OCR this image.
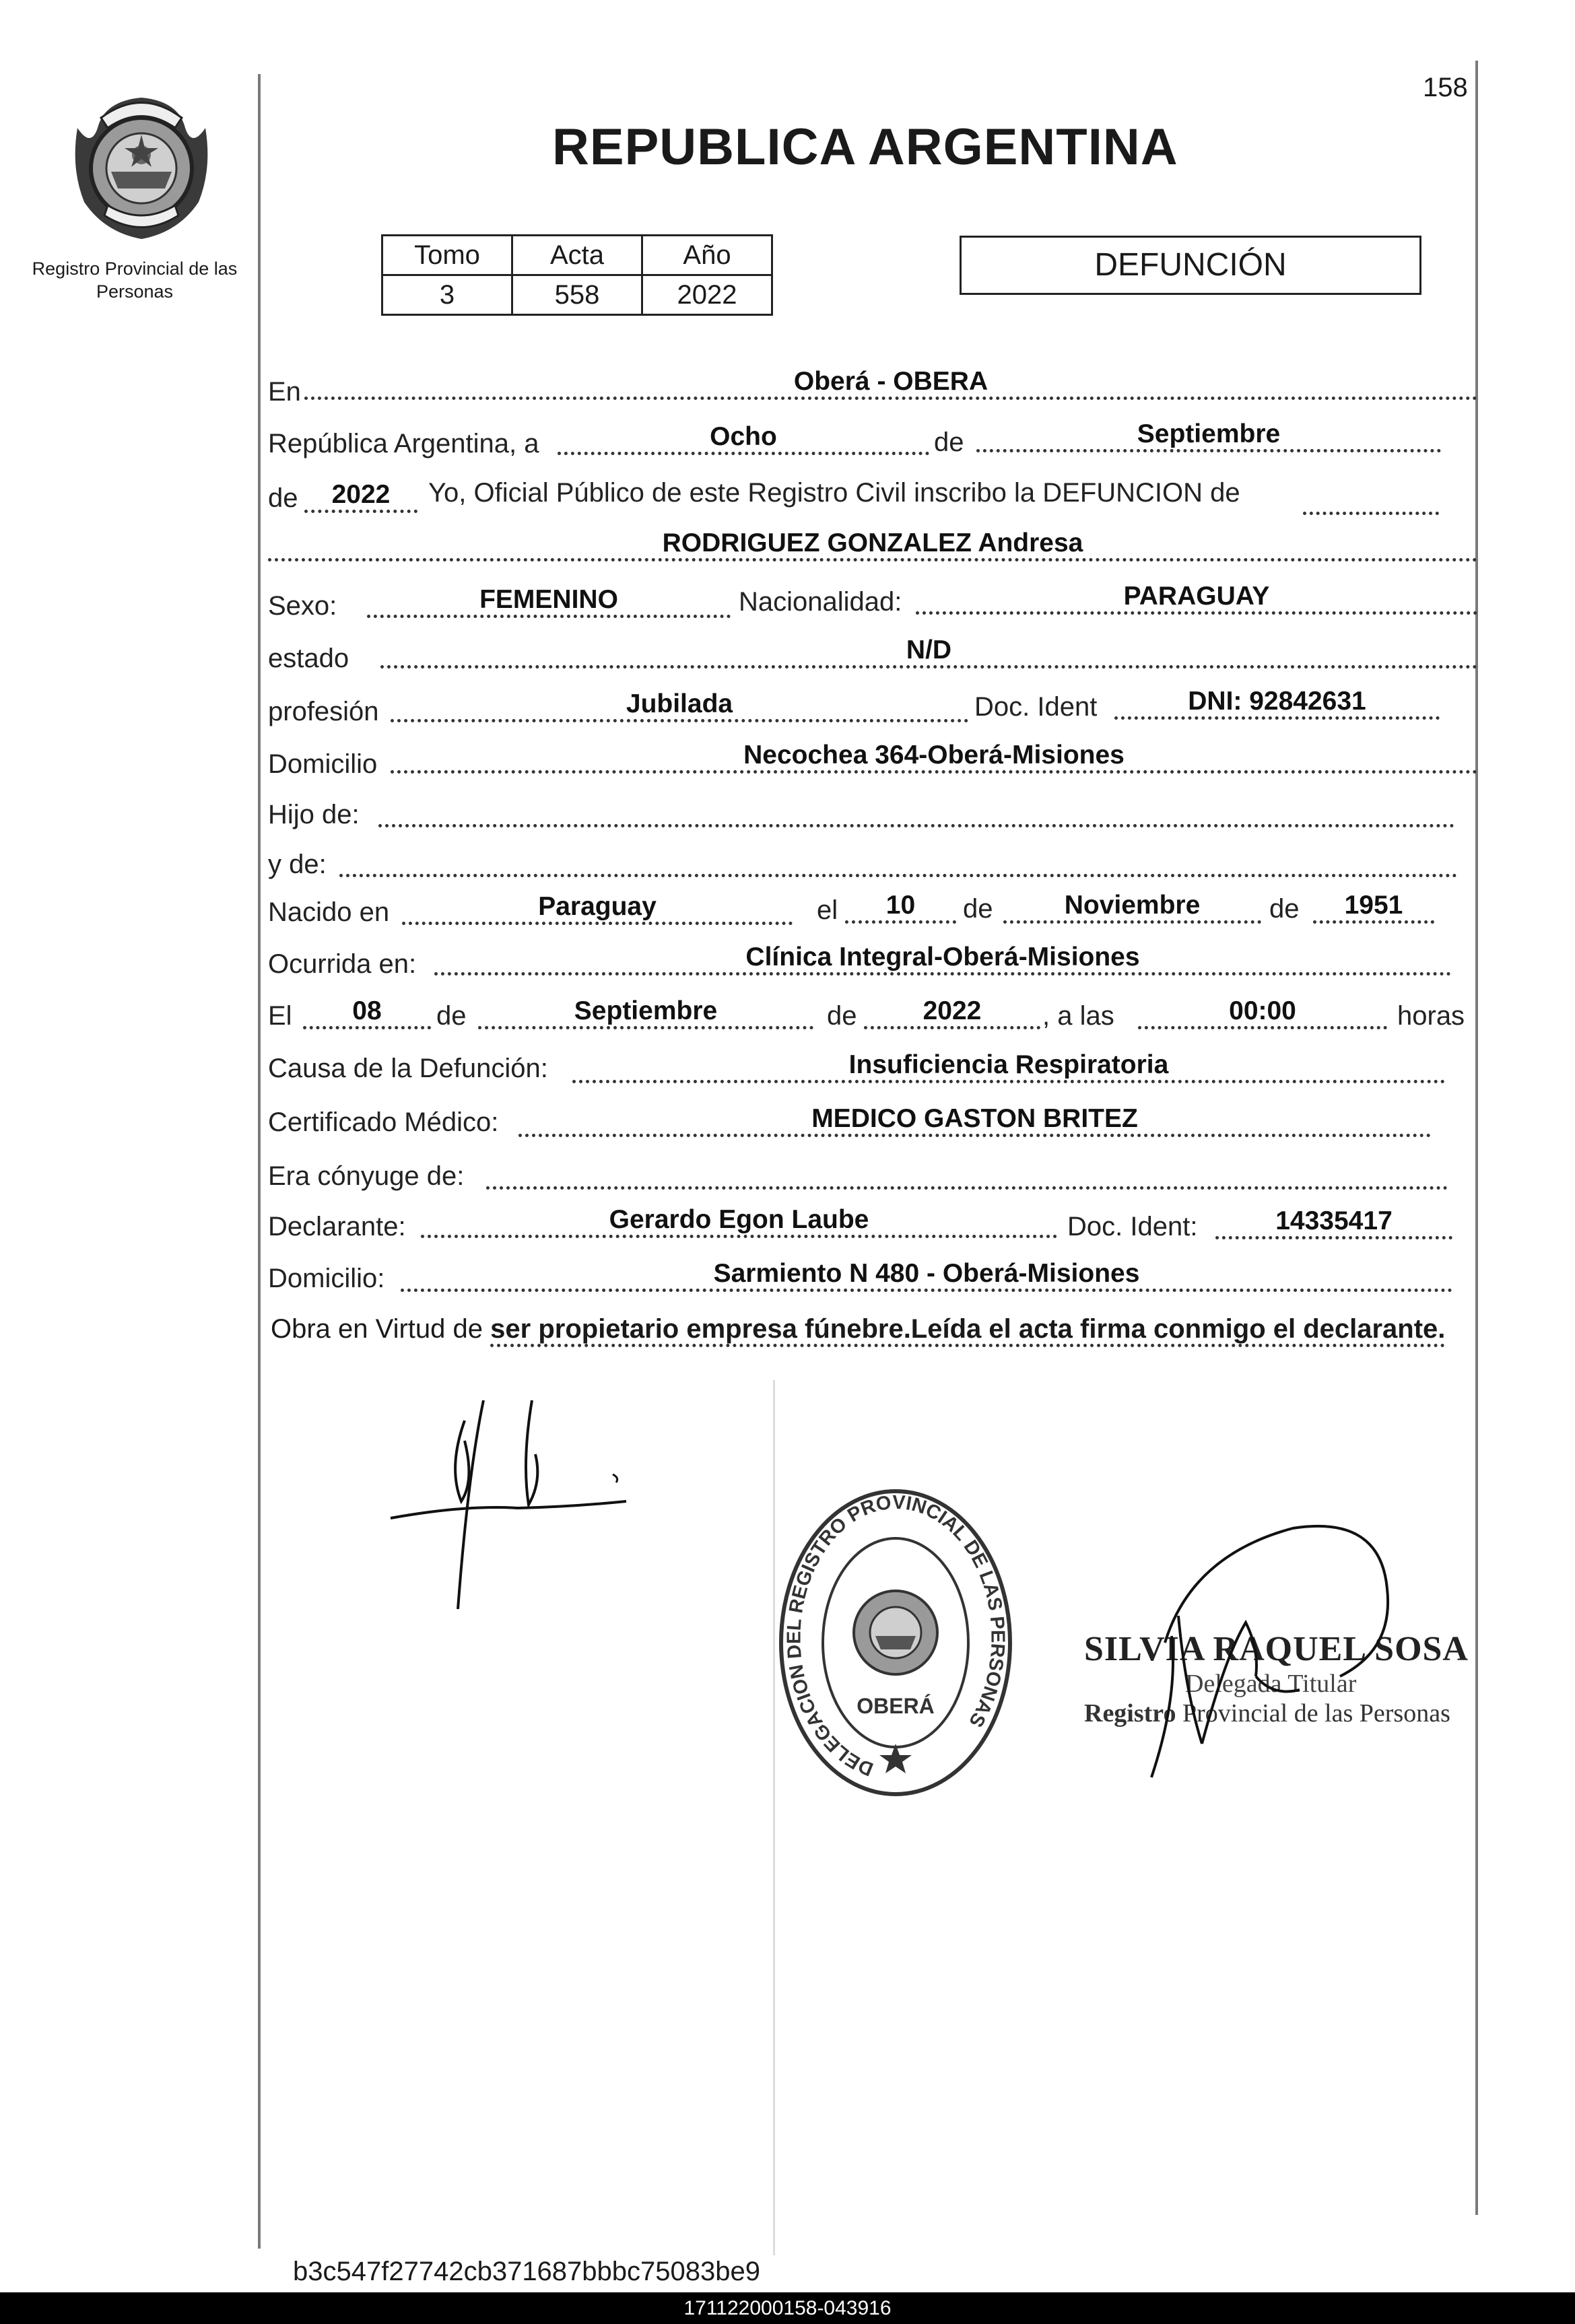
158
Registro Provincial de las Personas
REPUBLICA ARGENTINA
Tomo	Acta	Año
3	558	2022
DEFUNCIÓN
En	Oberá - OBERA
República Argentina, a	Ocho	de	Septiembre
de	2022	Yo, Oficial Público de este Registro Civil inscribo la DEFUNCION de
RODRIGUEZ GONZALEZ Andresa
Sexo:	FEMENINO	Nacionalidad:	PARAGUAY
estado	N/D
profesión	Jubilada	Doc. Ident	DNI: 92842631
Domicilio	Necochea 364-Oberá-Misiones
Hijo de:
y de:
Nacido en	Paraguay	el	10	de	Noviembre	de	1951
Ocurrida en:	Clínica Integral-Oberá-Misiones
El	08	de	Septiembre	de	2022	, a las	00:00	horas
Causa de la Defunción:	Insuficiencia Respiratoria
Certificado Médico:	MEDICO GASTON BRITEZ
Era cónyuge de:
Declarante:	Gerardo Egon Laube	Doc. Ident:	14335417
Domicilio:	Sarmiento N 480 - Oberá-Misiones
Obra en Virtud de ser propietario empresa fúnebre.Leída el acta firma conmigo el declarante.
DELEGACION DEL REGISTRO PROVINCIAL DE LAS PERSONAS
OBERÁ
SILVIA RAQUEL SOSA
Delegada Titular
Registro Provincial de las Personas
b3c547f27742cb371687bbbc75083be9
171122000158-043916
